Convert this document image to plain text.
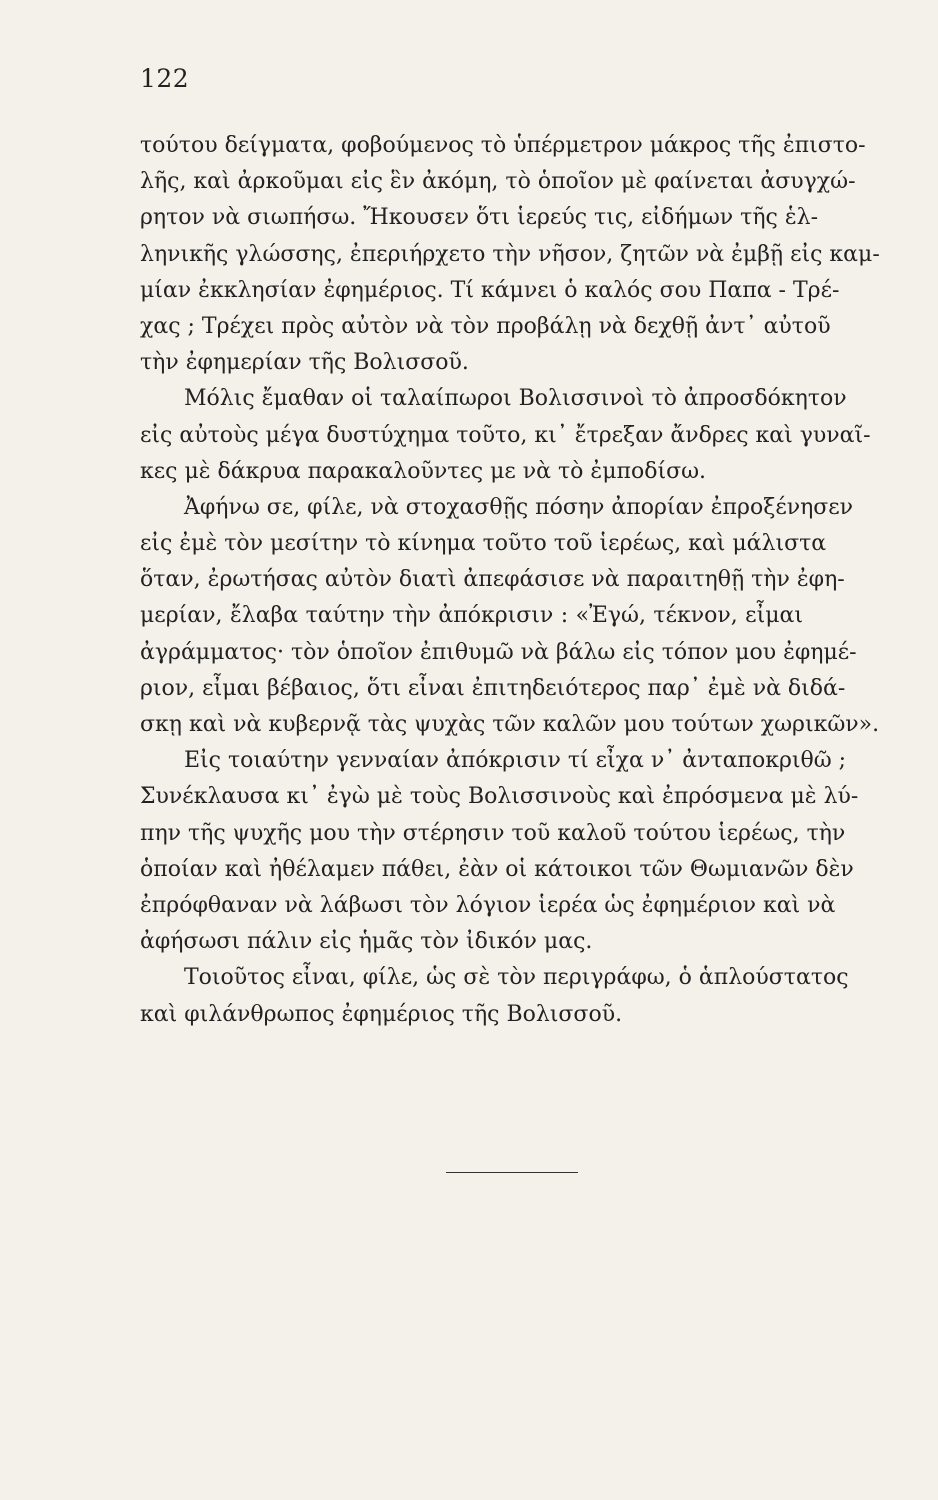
122
τούτου δείγματα, φοβούμενος τὸ ὑπέρμετρον μάκρος τῆς ἐπιστο-
λῆς, καὶ ἀρκοῦμαι εἰς ἓν ἀκόμη, τὸ ὁποῖον μὲ φαίνεται ἀσυγχώ-
ρητον νὰ σιωπήσω. Ἤκουσεν ὅτι ἱερεύς τις, εἰδήμων τῆς ἑλ-
ληνικῆς γλώσσης, ἐπεριήρχετο τὴν νῆσον, ζητῶν νὰ ἐμβῇ εἰς καμ-
μίαν ἐκκλησίαν ἐφημέριος. Τί κάμνει ὁ καλός σου Παπα - Τρέ-
χας ; Τρέχει πρὸς αὐτὸν νὰ τὸν προβάλῃ νὰ δεχθῇ ἀντ᾽ αὐτοῦ
τὴν ἐφημερίαν τῆς Βολισσοῦ.
Μόλις ἔμαθαν οἱ ταλαίπωροι Βολισσινοὶ τὸ ἀπροσδόκητον
εἰς αὐτοὺς μέγα δυστύχημα τοῦτο, κι᾽ ἔτρεξαν ἄνδρες καὶ γυναῖ-
κες μὲ δάκρυα παρακαλοῦντες με νὰ τὸ ἐμποδίσω.
Ἀφήνω σε, φίλε, νὰ στοχασθῇς πόσην ἀπορίαν ἐπροξένησεν
εἰς ἐμὲ τὸν μεσίτην τὸ κίνημα τοῦτο τοῦ ἱερέως, καὶ μάλιστα
ὅταν, ἐρωτήσας αὐτὸν διατὶ ἀπεφάσισε νὰ παραιτηθῇ τὴν ἐφη-
μερίαν, ἔλαβα ταύτην τὴν ἀπόκρισιν : «Ἐγώ, τέκνον, εἶμαι
ἀγράμματος· τὸν ὁποῖον ἐπιθυμῶ νὰ βάλω εἰς τόπον μου ἐφημέ-
ριον, εἶμαι βέβαιος, ὅτι εἶναι ἐπιτηδειότερος παρ᾽ ἐμὲ νὰ διδά-
σκῃ καὶ νὰ κυβερνᾷ τὰς ψυχὰς τῶν καλῶν μου τούτων χωρικῶν».
Εἰς τοιαύτην γενναίαν ἀπόκρισιν τί εἶχα ν᾽ ἀνταποκριθῶ ;
Συνέκλαυσα κι᾽ ἐγὼ μὲ τοὺς Βολισσινοὺς καὶ ἐπρόσμενα μὲ λύ-
πην τῆς ψυχῆς μου τὴν στέρησιν τοῦ καλοῦ τούτου ἱερέως, τὴν
ὁποίαν καὶ ἠθέλαμεν πάθει, ἐὰν οἱ κάτοικοι τῶν Θωμιανῶν δὲν
ἐπρόφθαναν νὰ λάβωσι τὸν λόγιον ἱερέα ὡς ἐφημέριον καὶ νὰ
ἀφήσωσι πάλιν εἰς ἡμᾶς τὸν ἰδικόν μας.
Τοιοῦτος εἶναι, φίλε, ὡς σὲ τὸν περιγράφω, ὁ ἁπλούστατος
καὶ φιλάνθρωπος ἐφημέριος τῆς Βολισσοῦ.
